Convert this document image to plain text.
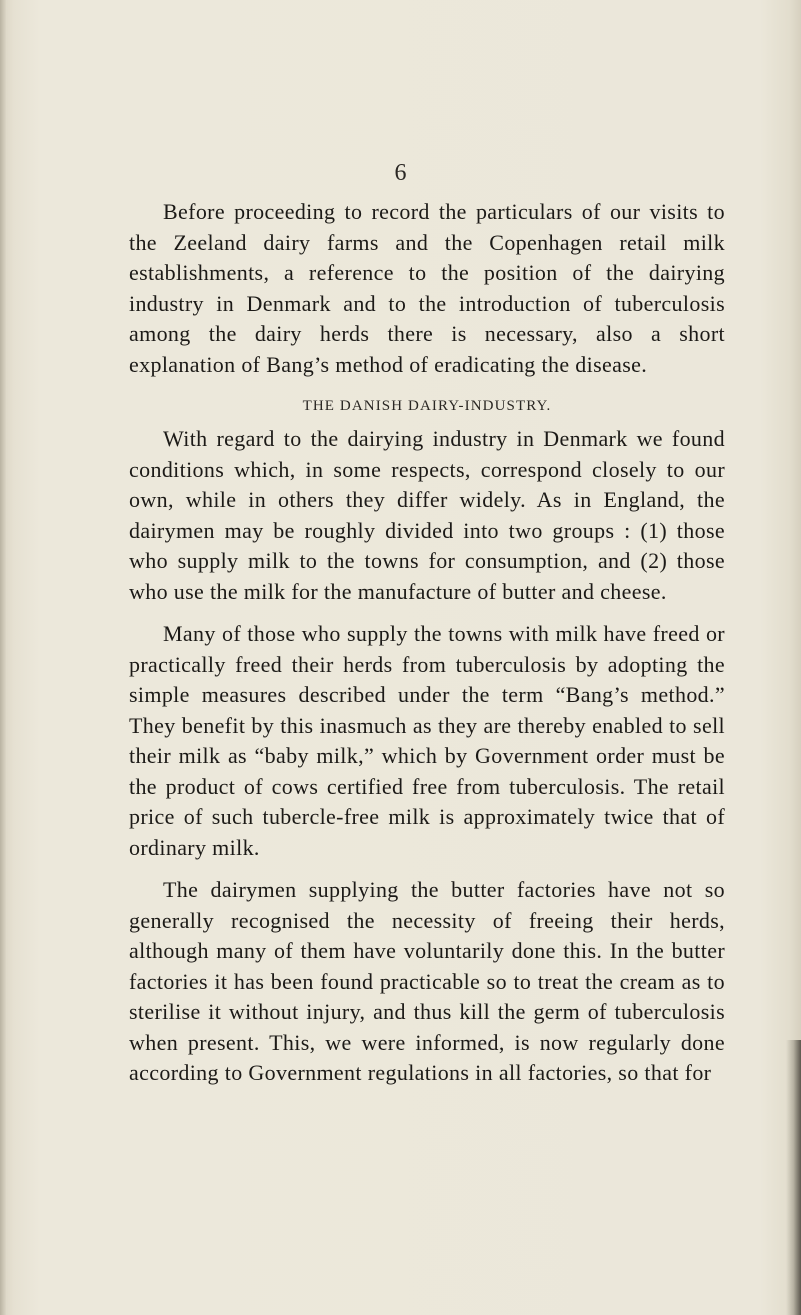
6

Before proceeding to record the particulars of our visits to the Zeeland dairy farms and the Copenhagen retail milk establishments, a reference to the position of the dairying industry in Denmark and to the introduction of tuberculosis among the dairy herds there is necessary, also a short explanation of Bang’s method of eradicating the disease.

THE DANISH DAIRY-INDUSTRY.

With regard to the dairying industry in Denmark we found conditions which, in some respects, correspond closely to our own, while in others they differ widely. As in England, the dairymen may be roughly divided into two groups : (1) those who supply milk to the towns for consumption, and (2) those who use the milk for the manufacture of butter and cheese.

Many of those who supply the towns with milk have freed or practically freed their herds from tuberculosis by adopting the simple measures described under the term “Bang’s method.” They benefit by this inasmuch as they are thereby enabled to sell their milk as “baby milk,” which by Government order must be the product of cows certified free from tuberculosis. The retail price of such tubercle-free milk is approximately twice that of ordinary milk.

The dairymen supplying the butter factories have not so generally recognised the necessity of freeing their herds, although many of them have voluntarily done this. In the butter factories it has been found practicable so to treat the cream as to sterilise it without injury, and thus kill the germ of tuberculosis when present. This, we were informed, is now regularly done according to Government regulations in all factories, so that for
